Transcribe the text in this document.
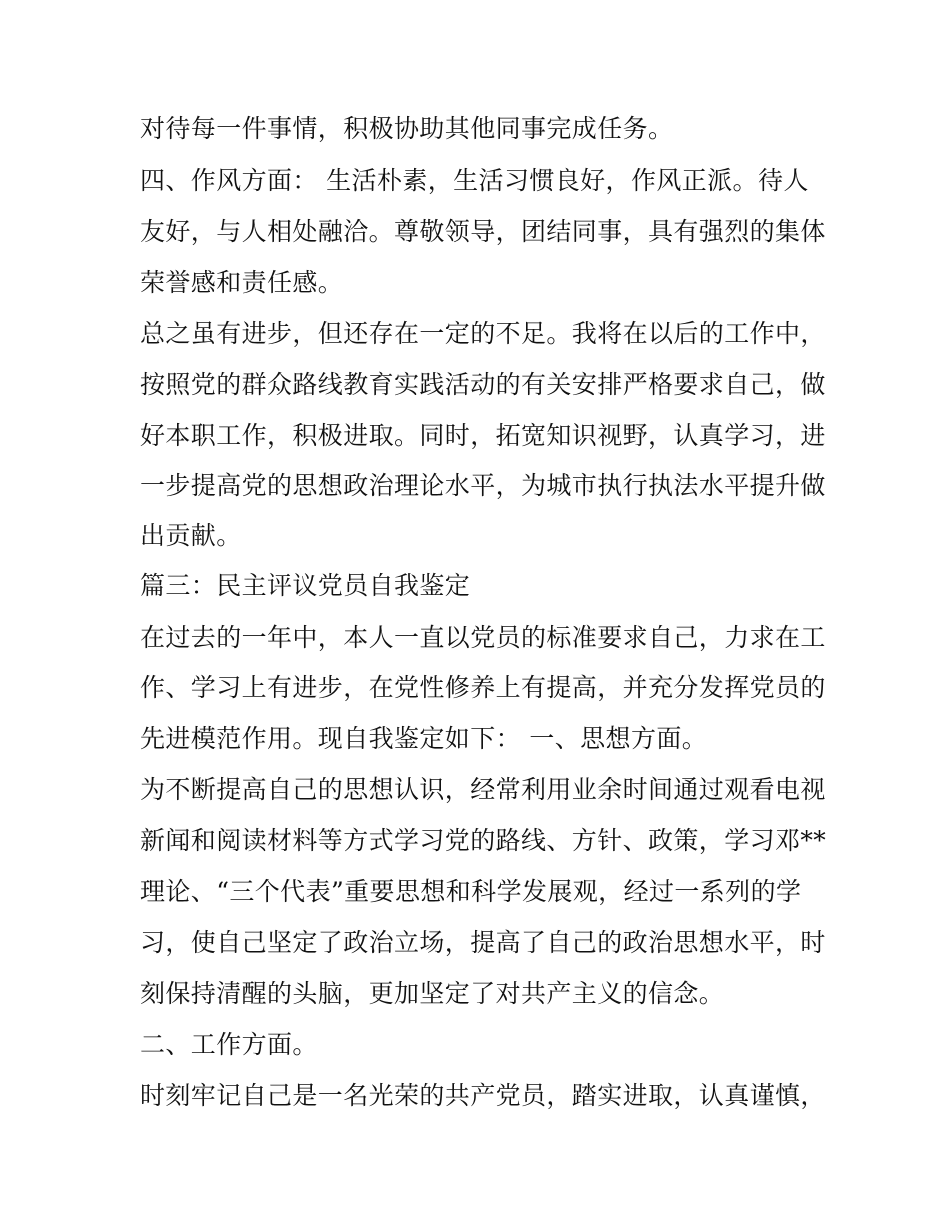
对待每一件事情，积极协助其他同事完成任务。
四、作风方面： 生活朴素，生活习惯良好，作风正派。待人
友好，与人相处融洽。尊敬领导，团结同事，具有强烈的集体
荣誉感和责任感。
总之虽有进步，但还存在一定的不足。我将在以后的工作中，
按照党的群众路线教育实践活动的有关安排严格要求自己，做
好本职工作，积极进取。同时，拓宽知识视野，认真学习，进
一步提高党的思想政治理论水平，为城市执行执法水平提升做
出贡献。
篇三：民主评议党员自我鉴定
在过去的一年中，本人一直以党员的标准要求自己，力求在工
作、学习上有进步，在党性修养上有提高，并充分发挥党员的
先进模范作用。现自我鉴定如下： 一、思想方面。
为不断提高自己的思想认识，经常利用业余时间通过观看电视
新闻和阅读材料等方式学习党的路线、方针、政策，学习邓**
理论、“三个代表”重要思想和科学发展观，经过一系列的学
习，使自己坚定了政治立场，提高了自己的政治思想水平，时
刻保持清醒的头脑，更加坚定了对共产主义的信念。
二、工作方面。
时刻牢记自己是一名光荣的共产党员，踏实进取，认真谨慎，
